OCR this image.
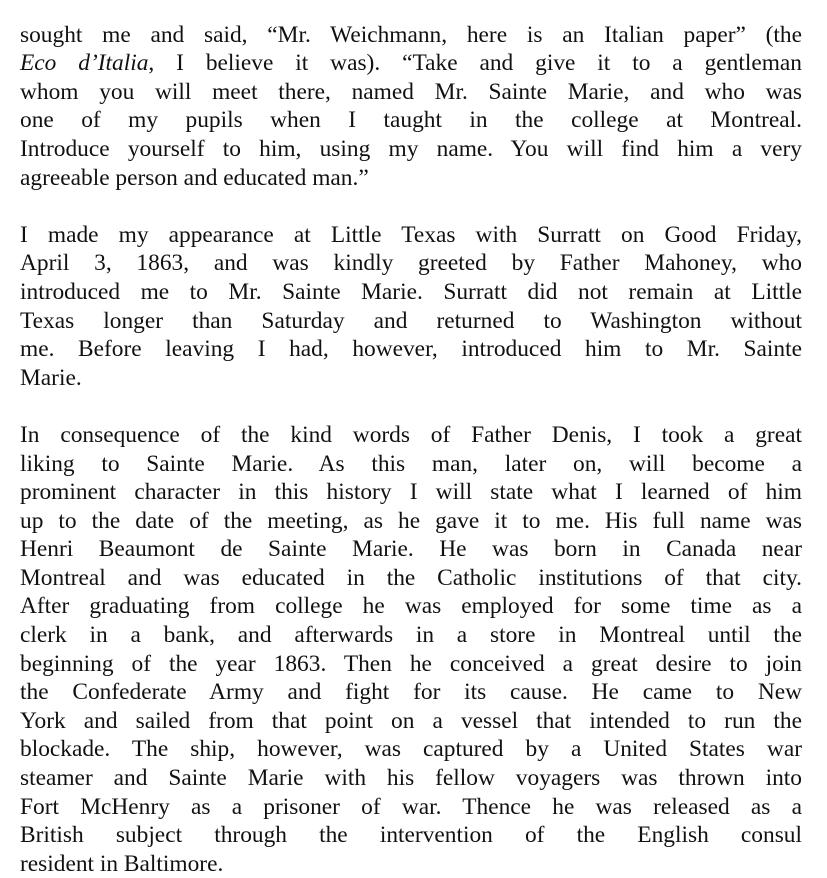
sought me and said, “Mr. Weichmann, here is an Italian paper” (the
Eco d’Italia, I believe it was). “Take and give it to a gentleman
whom you will meet there, named Mr. Sainte Marie, and who was
one of my pupils when I taught in the college at Montreal.
Introduce yourself to him, using my name. You will find him a very
agreeable person and educated man.”
I made my appearance at Little Texas with Surratt on Good Friday,
April 3, 1863, and was kindly greeted by Father Mahoney, who
introduced me to Mr. Sainte Marie. Surratt did not remain at Little
Texas longer than Saturday and returned to Washington without
me. Before leaving I had, however, introduced him to Mr. Sainte
Marie.
In consequence of the kind words of Father Denis, I took a great
liking to Sainte Marie. As this man, later on, will become a
prominent character in this history I will state what I learned of him
up to the date of the meeting, as he gave it to me. His full name was
Henri Beaumont de Sainte Marie. He was born in Canada near
Montreal and was educated in the Catholic institutions of that city.
After graduating from college he was employed for some time as a
clerk in a bank, and afterwards in a store in Montreal until the
beginning of the year 1863. Then he conceived a great desire to join
the Confederate Army and fight for its cause. He came to New
York and sailed from that point on a vessel that intended to run the
blockade. The ship, however, was captured by a United States war
steamer and Sainte Marie with his fellow voyagers was thrown into
Fort McHenry as a prisoner of war. Thence he was released as a
British subject through the intervention of the English consul
resident in Baltimore.
